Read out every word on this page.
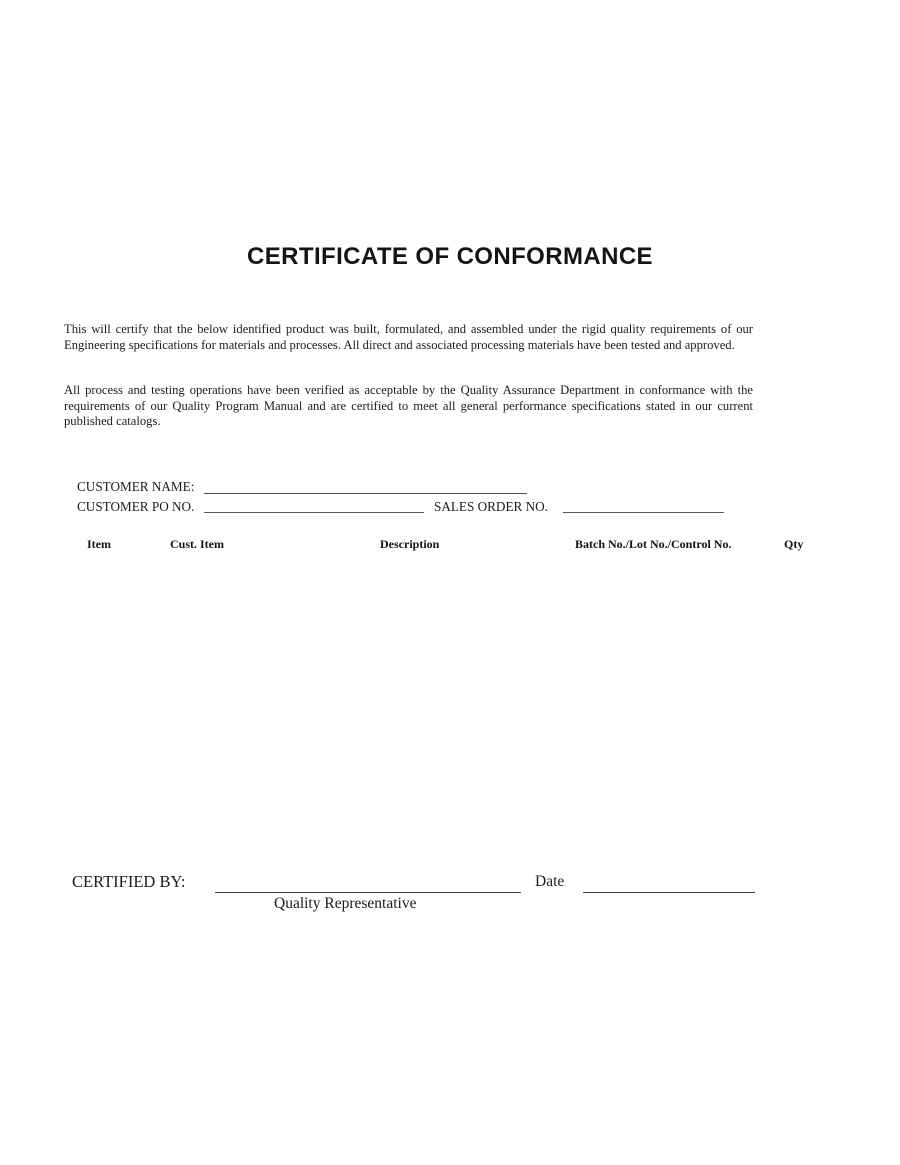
CERTIFICATE OF CONFORMANCE
This will certify that the below identified product was built, formulated, and assembled under the rigid quality requirements of our Engineering specifications for materials and processes. All direct and associated processing materials have been tested and approved.
All process and testing operations have been verified as acceptable by the Quality Assurance Department in conformance with the requirements of our Quality Program Manual and are certified to meet all general performance specifications stated in our current published catalogs.
CUSTOMER NAME:
CUSTOMER PO NO.	SALES ORDER NO.
Item	Cust. Item	Description	Batch No./Lot No./Control No.	Qty
CERTIFIED BY:	Date
Quality Representative
